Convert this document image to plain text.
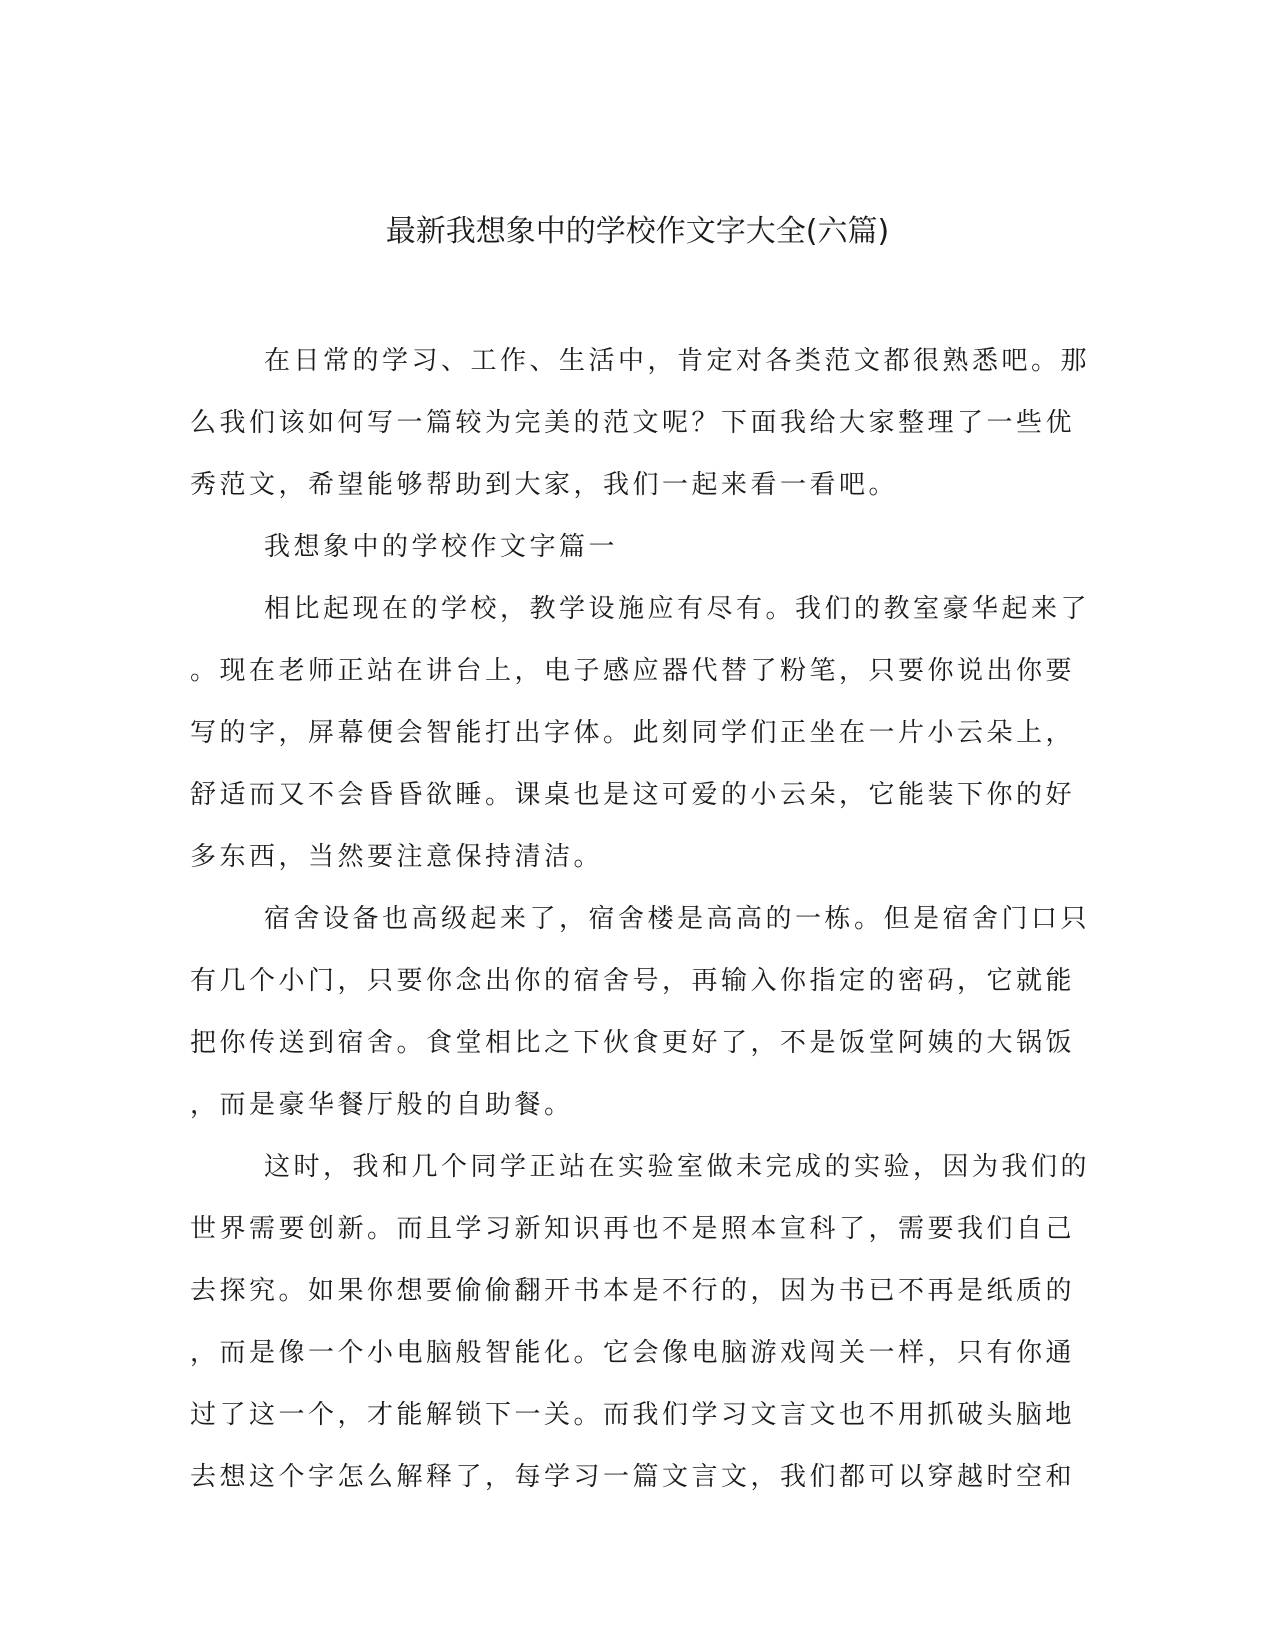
最新我想象中的学校作文字大全(六篇)
在日常的学习、工作、生活中，肯定对各类范文都很熟悉吧。那
么我们该如何写一篇较为完美的范文呢？下面我给大家整理了一些优
秀范文，希望能够帮助到大家，我们一起来看一看吧。
我想象中的学校作文字篇一
相比起现在的学校，教学设施应有尽有。我们的教室豪华起来了
。现在老师正站在讲台上，电子感应器代替了粉笔，只要你说出你要
写的字，屏幕便会智能打出字体。此刻同学们正坐在一片小云朵上，
舒适而又不会昏昏欲睡。课桌也是这可爱的小云朵，它能装下你的好
多东西，当然要注意保持清洁。
宿舍设备也高级起来了，宿舍楼是高高的一栋。但是宿舍门口只
有几个小门，只要你念出你的宿舍号，再输入你指定的密码，它就能
把你传送到宿舍。食堂相比之下伙食更好了，不是饭堂阿姨的大锅饭
，而是豪华餐厅般的自助餐。
这时，我和几个同学正站在实验室做未完成的实验，因为我们的
世界需要创新。而且学习新知识再也不是照本宣科了，需要我们自己
去探究。如果你想要偷偷翻开书本是不行的，因为书已不再是纸质的
，而是像一个小电脑般智能化。它会像电脑游戏闯关一样，只有你通
过了这一个，才能解锁下一关。而我们学习文言文也不用抓破头脑地
去想这个字怎么解释了，每学习一篇文言文，我们都可以穿越时空和
